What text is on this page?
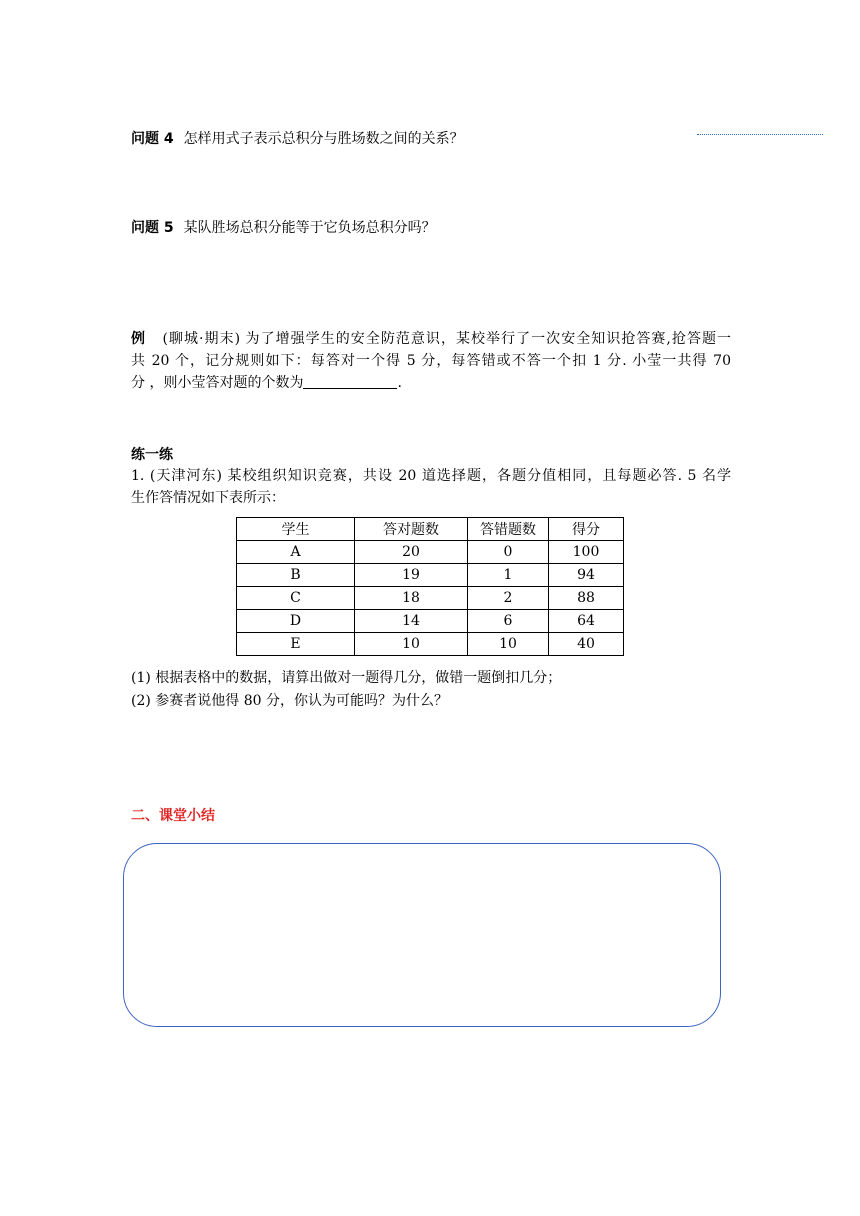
问题 4 怎样用式子表示总积分与胜场数之间的关系？
问题 5 某队胜场总积分能等于它负场总积分吗？
例 (聊城·期末) 为了增强学生的安全防范意识，某校举行了一次安全知识抢答赛,抢答题一
共 20 个，记分规则如下：每答对一个得 5 分，每答错或不答一个扣 1 分. 小莹一共得 70
分 ，则小莹答对题的个数为	.
练一练
1. (天津河东) 某校组织知识竞赛，共设 20 道选择题，各题分值相同，且每题必答. 5 名学
生作答情况如下表所示：
学生	答对题数	答错题数	得分
A	20	0	100
B	19	1	94
C	18	2	88
D	14	6	64
E	10	10	40
(1) 根据表格中的数据，请算出做对一题得几分，做错一题倒扣几分；
(2) 参赛者说他得 80 分，你认为可能吗？为什么？
二、课堂小结
